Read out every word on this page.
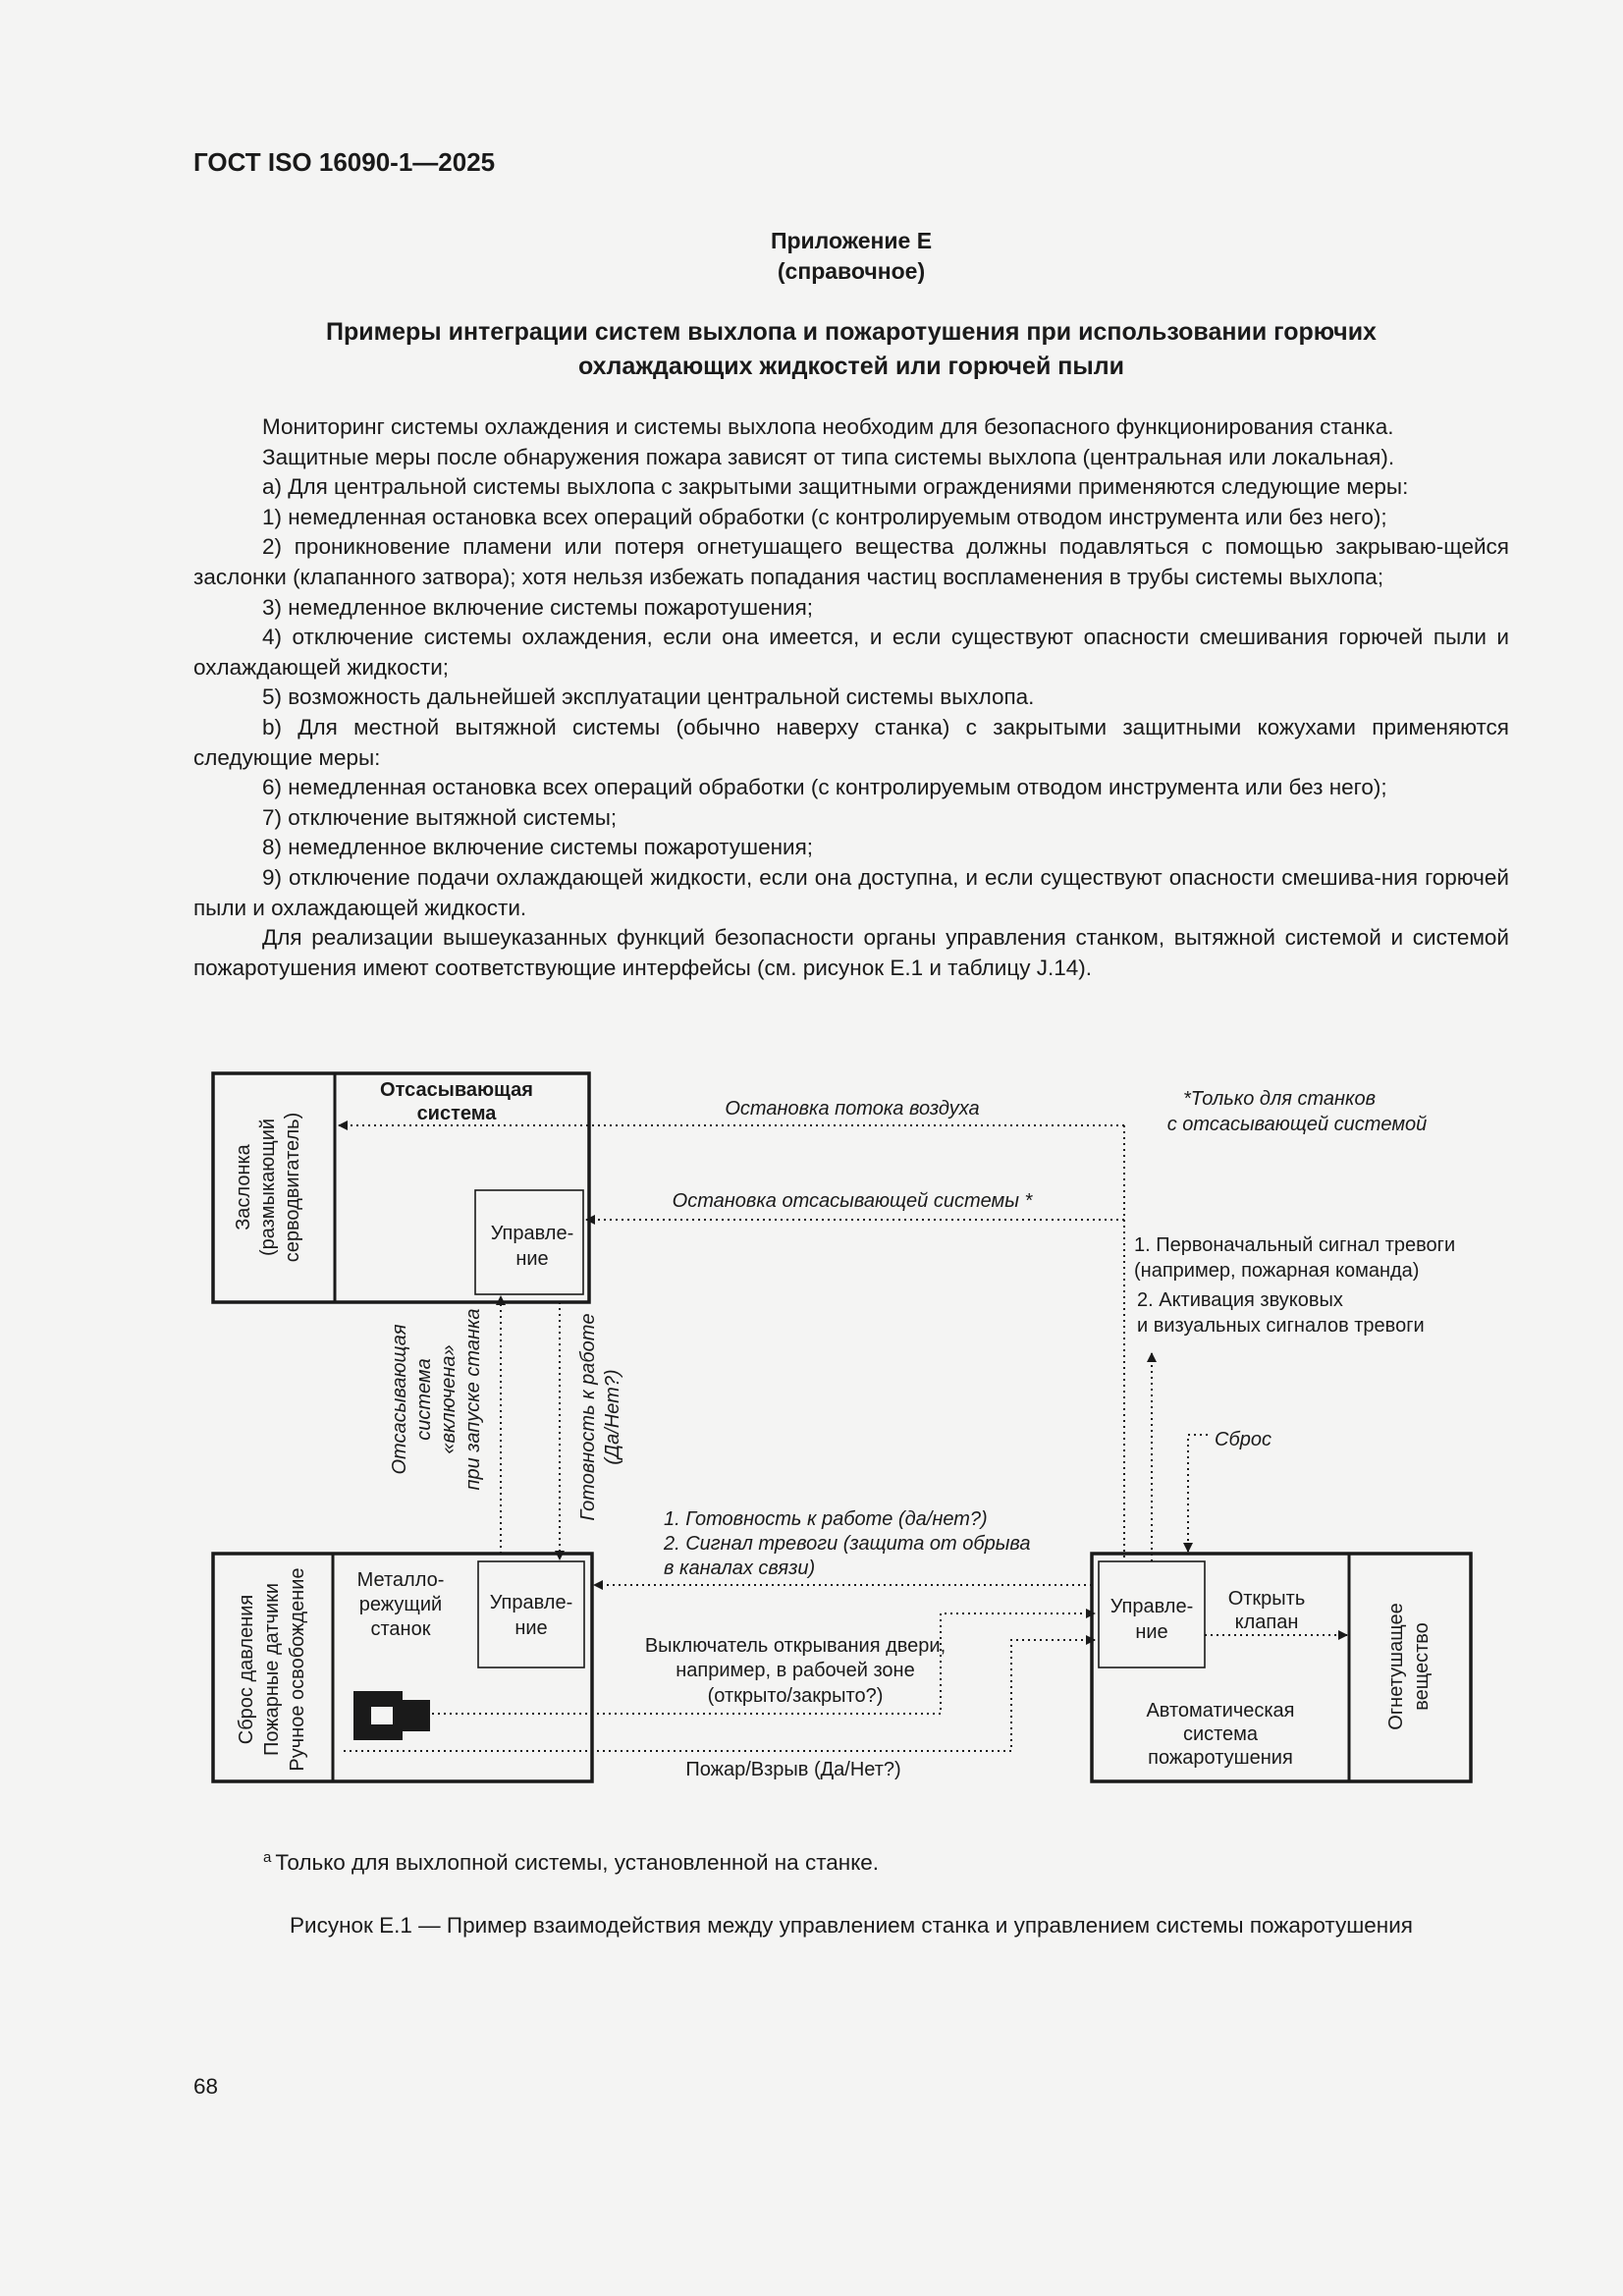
ГОСТ ISO 16090-1—2025
Приложение E
(справочное)
Примеры интеграции систем выхлопа и пожаротушения при использовании горючих
охлаждающих жидкостей или горючей пыли

Мониторинг системы охлаждения и системы выхлопа необходим для безопасного функционирования станка.

Защитные меры после обнаружения пожара зависят от типа системы выхлопа (центральная или локальная).

a) Для центральной системы выхлопа с закрытыми защитными ограждениями применяются следующие меры:

1) немедленная остановка всех операций обработки (с контролируемым отводом инструмента или без него);

2) проникновение пламени или потеря огнетушащего вещества должны подавляться с помощью закрываю-щейся заслонки (клапанного затвора); хотя нельзя избежать попадания частиц воспламенения в трубы системы выхлопа;

3) немедленное включение системы пожаротушения;

4) отключение системы охлаждения, если она имеется, и если существуют опасности смешивания горючей пыли и охлаждающей жидкости;

5) возможность дальнейшей эксплуатации центральной системы выхлопа.

b) Для местной вытяжной системы (обычно наверху станка) с закрытыми защитными кожухами применяются следующие меры:

6) немедленная остановка всех операций обработки (с контролируемым отводом инструмента или без него);

7) отключение вытяжной системы;

8) немедленное включение системы пожаротушения;

9) отключение подачи охлаждающей жидкости, если она доступна, и если существуют опасности смешива-ния горючей пыли и охлаждающей жидкости.

Для реализации вышеуказанных функций безопасности органы управления станком, вытяжной системой и системой пожаротушения имеют соответствующие интерфейсы (см. рисунок E.1 и таблицу J.14).

Отсасывающая
система
Заслонка (размыкающий серводвигатель)	Управле-
ние
Сброс давления Пожарные датчики Ручное освобождение Металло-
режущий
станок
Управле-
ние
Управле-
ние
Открыть
клапан
Автоматическая
система
пожаротушения
Огнетушащее вещество
*Только для станков
с отсасывающей системой
Остановка потока воздуха
Остановка отсасывающей системы *
1. Первоначальный сигнал тревоги
(например, пожарная команда)
2. Активация звуковых
и визуальных сигналов тревоги
Сброс
Отсасывающая система «включена» при запуске станка	Готовность к работе (Да/Нет?)
1. Готовность к работе (да/нет?)
2. Сигнал тревоги (защита от обрыва
в каналах связи)
Выключатель открывания двери,
например, в рабочей зоне
(открыто/закрыто?)
Пожар/Взрыв (Да/Нет?)
$^a$ Только для выхлопной системы, установленной на станке.
Рисунок E.1 — Пример взаимодействия между управлением станка и управлением системы пожаротушения
68
